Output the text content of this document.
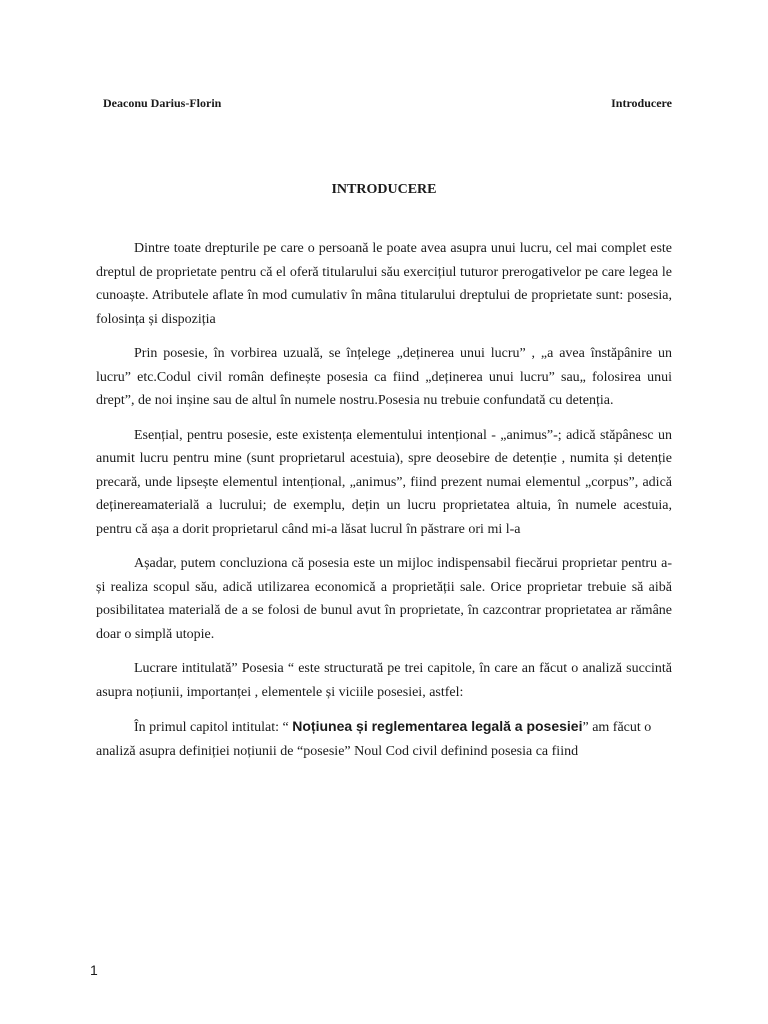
Deaconu Darius-Florin	Introducere
INTRODUCERE

Dintre toate drepturile pe care o persoană le poate avea asupra unui lucru, cel mai complet este dreptul de proprietate pentru că el oferă titularului său exercițiul tuturor prerogativelor pe care legea le cunoaște. Atributele aflate în mod cumulativ în mâna titularului dreptului de proprietate sunt: posesia, folosința și dispoziția

Prin posesie, în vorbirea uzuală, se înțelege „deținerea unui lucru” , „a avea înstăpânire un lucru” etc.Codul civil român definește posesia ca fiind „deținerea unui lucru” sau„ folosirea unui drept”, de noi inșine sau de altul în numele nostru.Posesia nu trebuie confundată cu detenția.

Esențial, pentru posesie, este existența elementului intențional - „animus”-; adică stăpânesc un anumit lucru pentru mine (sunt proprietarul acestuia), spre deosebire de detenție , numita și detenție precară, unde lipsește elementul intențional, „animus”, fiind prezent numai elementul „corpus”, adică deținereamaterială a lucrului; de exemplu, dețin un lucru proprietatea altuia, în numele acestuia, pentru că așa a dorit proprietarul când mi-a lăsat lucrul în păstrare ori mi l-a

Așadar, putem concluziona că posesia este un mijloc indispensabil fiecărui proprietar pentru a-și realiza scopul său, adică utilizarea economică a proprietății sale. Orice proprietar trebuie să aibă posibilitatea materială de a se folosi de bunul avut în proprietate, în cazcontrar proprietatea ar rămâne doar o simplă utopie.

Lucrare intitulată” Posesia “ este structurată pe trei capitole, în care an făcut o analiză succintă asupra noțiunii, importanței , elementele și viciile posesiei, astfel:

În primul capitol intitulat: “ Noțiunea și reglementarea legală a posesiei” am făcut o analiză asupra definiției noțiunii de “posesie” Noul Cod civil definind posesia ca fiind

1
